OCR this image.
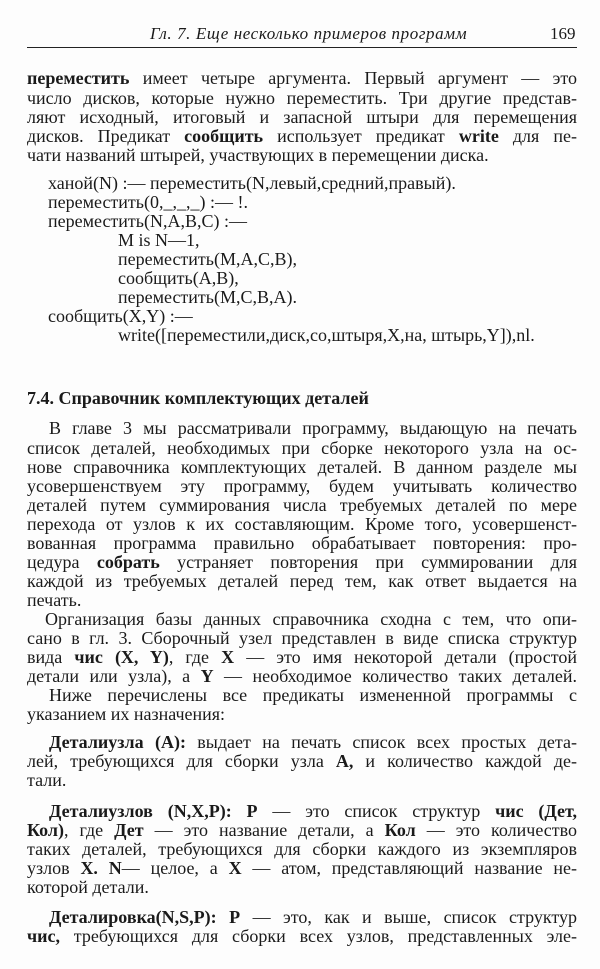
Гл. 7. Еще несколько примеров программ	169
переместить имеет четыре аргумента. Первый аргумент — это
число дисков, которые нужно переместить. Три другие представ-
ляют исходный, итоговый и запасной штыри для перемещения
дисков. Предикат сообщить использует предикат write для пе-
чати названий штырей, участвующих в перемещении диска.
ханой(N) :— переместить(N,левый,средний,правый).
переместить(0,_,_,_) :— !.
переместить(N,A,B,C) :—
M is N—1,
переместить(M,A,C,B),
сообщить(A,B),
переместить(M,C,B,A).
сообщить(X,Y) :—
write([переместили,диск,со,штыря,X,на, штырь,Y]),nl.
7.4. Справочник комплектующих деталей
В главе 3 мы рассматривали программу, выдающую на печать
список деталей, необходимых при сборке некоторого узла на ос-
нове справочника комплектующих деталей. В данном разделе мы
усовершенствуем эту программу, будем учитывать количество
деталей путем суммирования числа требуемых деталей по мере
перехода от узлов к их составляющим. Кроме того, усовершенст-
вованная программа правильно обрабатывает повторения: про-
цедура собрать устраняет повторения при суммировании для
каждой из требуемых деталей перед тем, как ответ выдается на
печать.
Организация базы данных справочника сходна с тем, что опи-
сано в гл. 3. Сборочный узел представлен в виде списка структур
вида чис (X, Y), где X — это имя некоторой детали (простой
детали или узла), а Y — необходимое количество таких деталей.
Ниже перечислены все предикаты измененной программы с
указанием их назначения:
Деталиузла (A): выдает на печать список всех простых дета-
лей, требующихся для сборки узла A, и количество каждой де-
тали.
Деталиузлов (N,X,P): P — это список структур чис (Дет,
Кол), где Дет — это название детали, а Кол — это количество
таких деталей, требующихся для сборки каждого из экземпляров
узлов X. N— целое, а X — атом, представляющий название не-
которой детали.
Деталировка(N,S,P): P — это, как и выше, список структур
чис, требующихся для сборки всех узлов, представленных эле-
